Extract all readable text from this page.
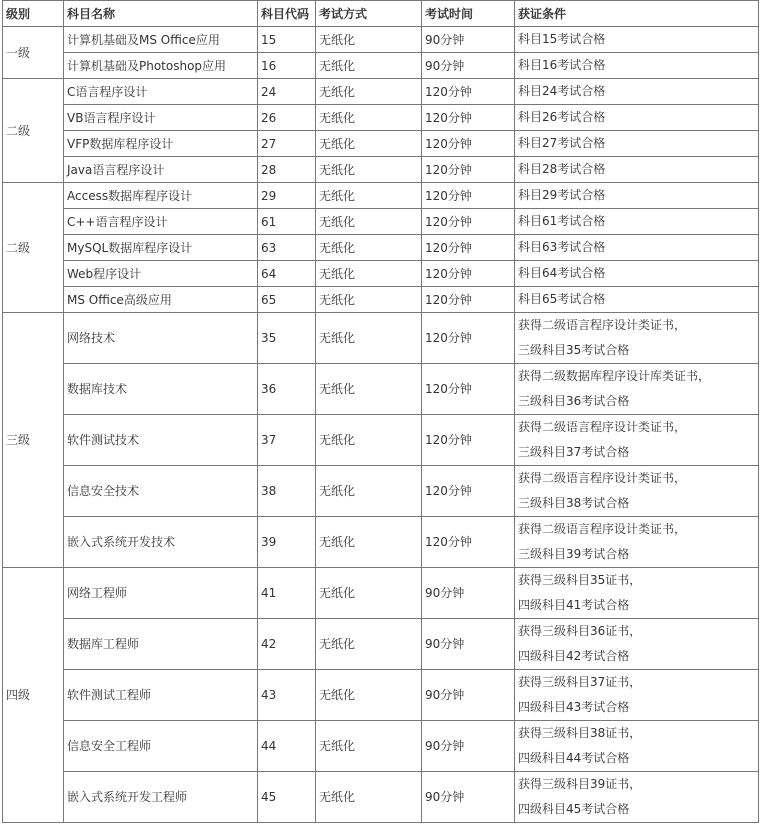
级别	科目名称	科目代码	考试方式	考试时间	获证条件
一级	计算机基础及MS Office应用	15	无纸化	90分钟	科目15考试合格

	计算机基础及Photoshop应用	16	无纸化	90分钟	科目16考试合格

二级	C语言程序设计	24	无纸化	120分钟	科目24考试合格

	VB语言程序设计	26	无纸化	120分钟	科目26考试合格

	VFP数据库程序设计	27	无纸化	120分钟	科目27考试合格

	Java语言程序设计	28	无纸化	120分钟	科目28考试合格

二级	Access数据库程序设计	29	无纸化	120分钟	科目29考试合格

	C++语言程序设计	61	无纸化	120分钟	科目61考试合格

	MySQL数据库程序设计	63	无纸化	120分钟	科目63考试合格

	Web程序设计	64	无纸化	120分钟	科目64考试合格

	MS Office高级应用	65	无纸化	120分钟	科目65考试合格

三级	网络技术	35	无纸化	120分钟	获得二级语言程序设计类证书，
三级科目35考试合格

	数据库技术	36	无纸化	120分钟	获得二级数据库程序设计库类证书，
三级科目36考试合格

	软件测试技术	37	无纸化	120分钟	获得二级语言程序设计类证书，
三级科目37考试合格

	信息安全技术	38	无纸化	120分钟	获得二级语言程序设计类证书，
三级科目38考试合格

	嵌入式系统开发技术	39	无纸化	120分钟	获得二级语言程序设计类证书，
三级科目39考试合格

四级	网络工程师	41	无纸化	90分钟	获得三级科目35证书，
四级科目41考试合格

	数据库工程师	42	无纸化	90分钟	获得三级科目36证书，
四级科目42考试合格

	软件测试工程师	43	无纸化	90分钟	获得三级科目37证书，
四级科目43考试合格

	信息安全工程师	44	无纸化	90分钟	获得三级科目38证书，
四级科目44考试合格

	嵌入式系统开发工程师	45	无纸化	90分钟	获得三级科目39证书，
四级科目45考试合格
